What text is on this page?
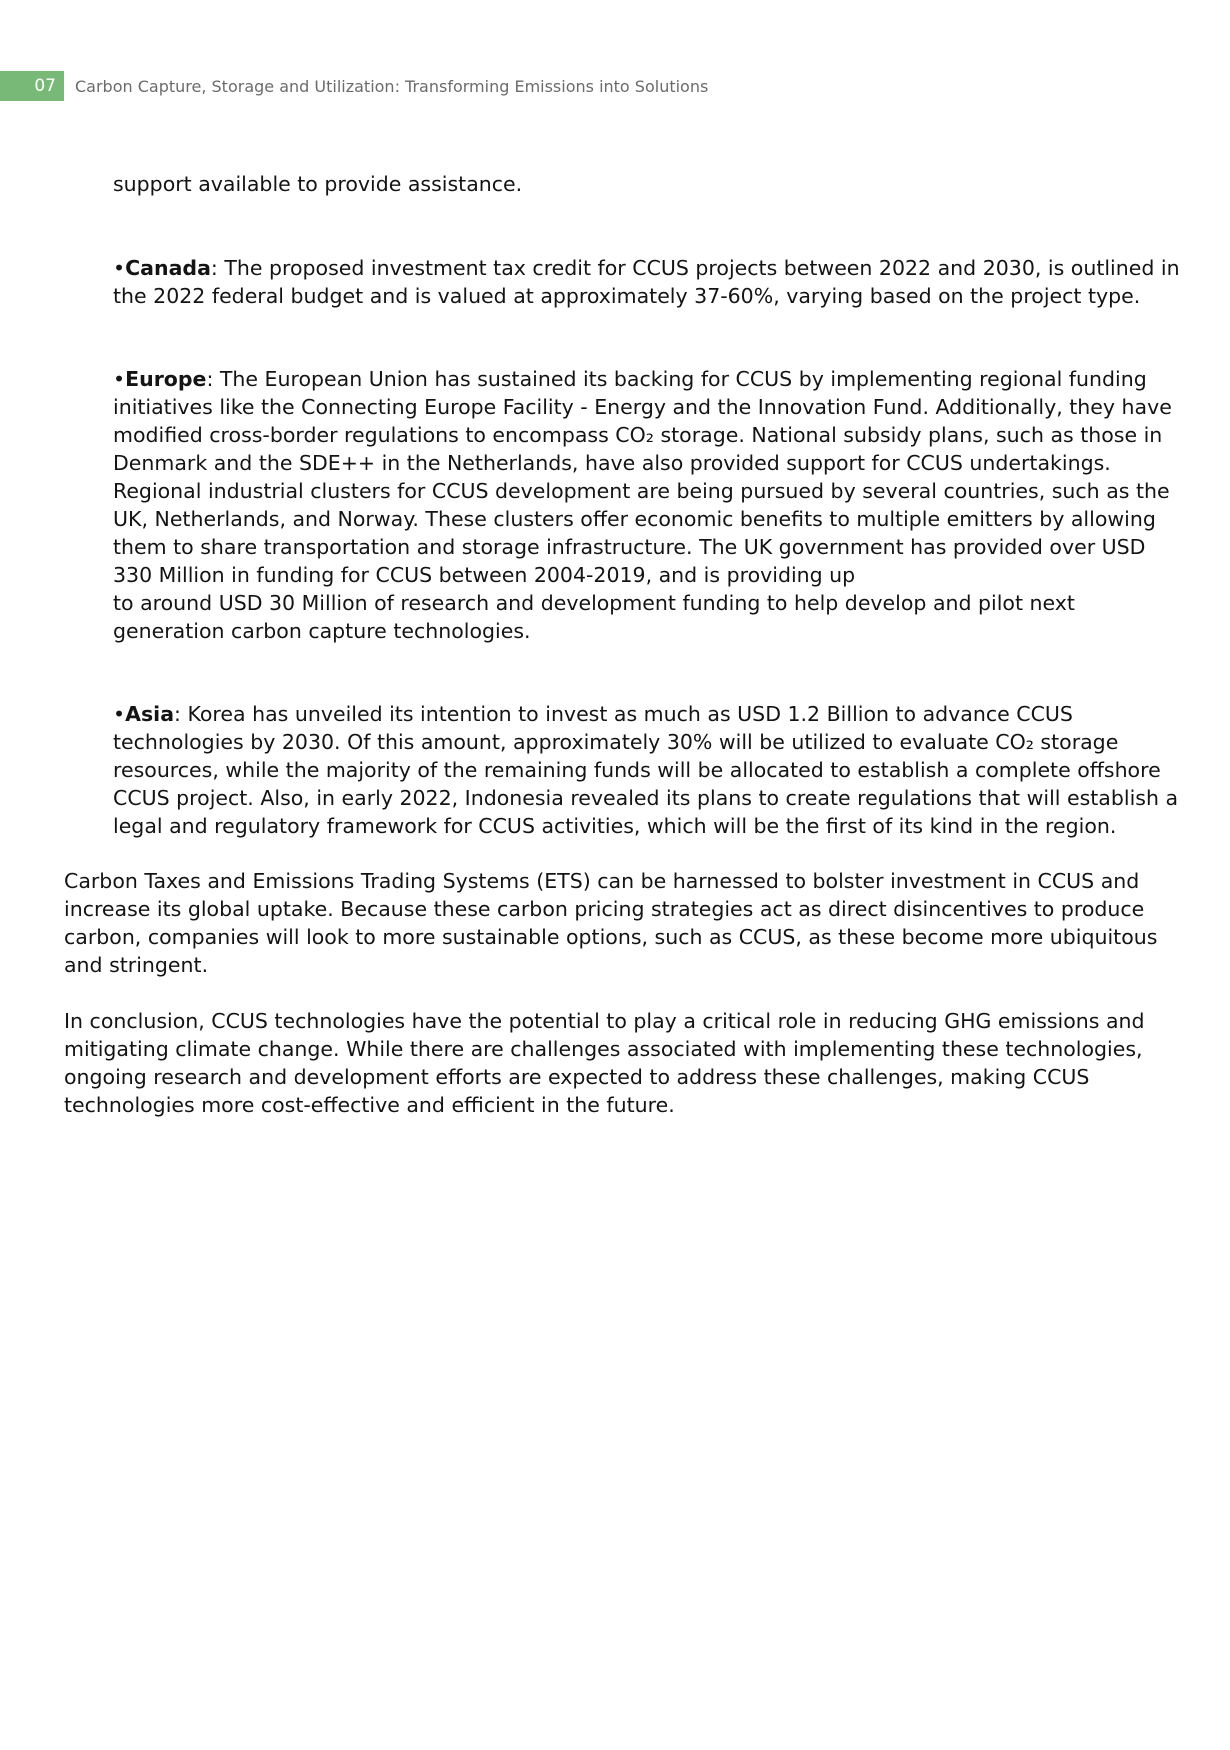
07	Carbon Capture, Storage and Utilization: Transforming Emissions into Solutions

support available to provide assistance.

•Canada: The proposed investment tax credit for CCUS projects between 2022 and 2030, is outlined in
the 2022 federal budget and is valued at approximately 37-60%, varying based on the project type.

•Europe: The European Union has sustained its backing for CCUS by implementing regional funding
initiatives like the Connecting Europe Facility - Energy and the Innovation Fund. Additionally, they have
modified cross-border regulations to encompass CO₂ storage. National subsidy plans, such as those in
Denmark and the SDE++ in the Netherlands, have also provided support for CCUS undertakings.
Regional industrial clusters for CCUS development are being pursued by several countries, such as the
UK, Netherlands, and Norway. These clusters offer economic benefits to multiple emitters by allowing
them to share transportation and storage infrastructure. The UK government has provided over USD
330 Million in funding for CCUS between 2004-2019, and is providing up
to around USD 30 Million of research and development funding to help develop and pilot next
generation carbon capture technologies.

•Asia: Korea has unveiled its intention to invest as much as USD 1.2 Billion to advance CCUS
technologies by 2030. Of this amount, approximately 30% will be utilized to evaluate CO₂ storage
resources, while the majority of the remaining funds will be allocated to establish a complete offshore
CCUS project. Also, in early 2022, Indonesia revealed its plans to create regulations that will establish a
legal and regulatory framework for CCUS activities, which will be the first of its kind in the region.

Carbon Taxes and Emissions Trading Systems (ETS) can be harnessed to bolster investment in CCUS and
increase its global uptake. Because these carbon pricing strategies act as direct disincentives to produce
carbon, companies will look to more sustainable options, such as CCUS, as these become more ubiquitous
and stringent.

In conclusion, CCUS technologies have the potential to play a critical role in reducing GHG emissions and
mitigating climate change. While there are challenges associated with implementing these technologies,
ongoing research and development efforts are expected to address these challenges, making CCUS
technologies more cost-effective and efficient in the future.
